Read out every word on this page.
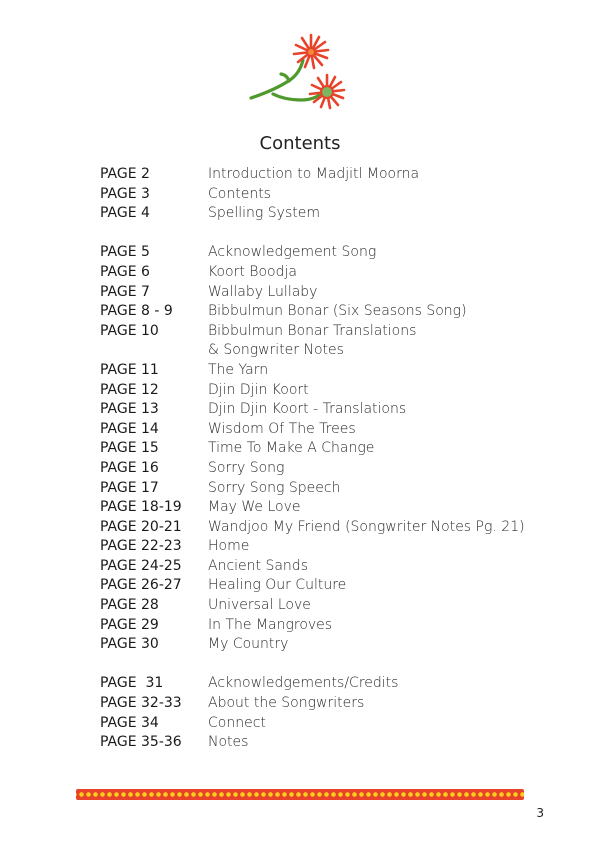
Contents
PAGE 2	Introduction to Madjitl Moorna
PAGE 3	Contents
PAGE 4	Spelling System
PAGE 5	Acknowledgement Song
PAGE 6	Koort Boodja
PAGE 7	Wallaby Lullaby
PAGE 8 - 9	Bibbulmun Bonar (Six Seasons Song)
PAGE 10	Bibbulmun Bonar Translations
& Songwriter Notes
PAGE 11	The Yarn
PAGE 12	Djin Djin Koort
PAGE 13	Djin Djin Koort - Translations
PAGE 14	Wisdom Of The Trees
PAGE 15	Time To Make A Change
PAGE 16	Sorry Song
PAGE 17	Sorry Song Speech
PAGE 18-19	May We Love
PAGE 20-21	Wandjoo My Friend (Songwriter Notes Pg. 21)
PAGE 22-23	Home
PAGE 24-25	Ancient Sands
PAGE 26-27	Healing Our Culture
PAGE 28	Universal Love
PAGE 29	In The Mangroves
PAGE 30	My Country
PAGE  31	Acknowledgements/Credits
PAGE 32-33	About the Songwriters
PAGE 34	Connect
PAGE 35-36	Notes
3
